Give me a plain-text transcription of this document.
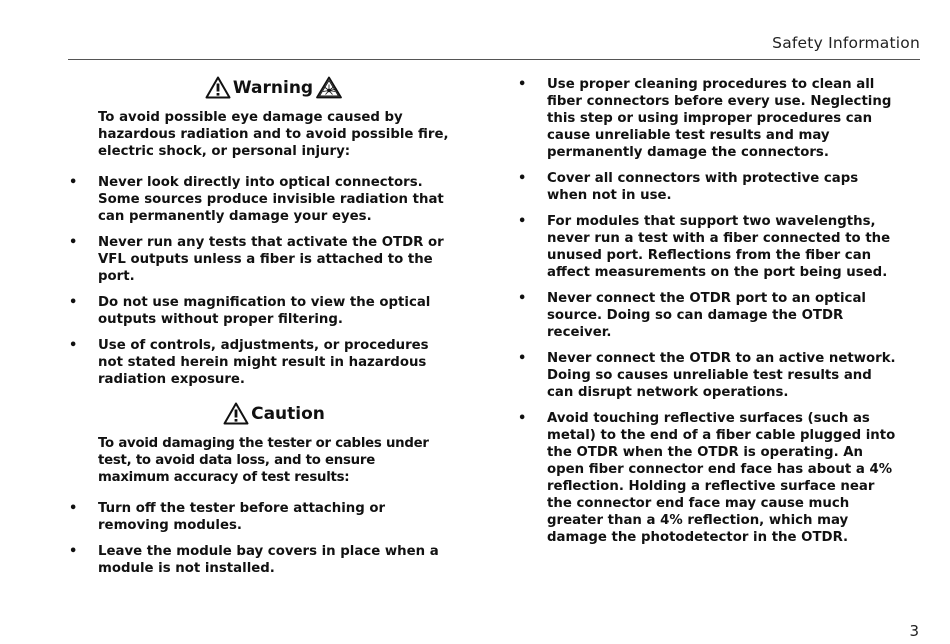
Safety Information
Warning
To avoid possible eye damage caused by hazardous radiation and to avoid possible fire, electric shock, or personal injury:
• Never look directly into optical connectors. Some sources produce invisible radiation that can permanently damage your eyes.
• Never run any tests that activate the OTDR or VFL outputs unless a fiber is attached to the port.
• Do not use magnification to view the optical outputs without proper filtering.
• Use of controls, adjustments, or procedures not stated herein might result in hazardous radiation exposure.
Caution
To avoid damaging the tester or cables under test, to avoid data loss, and to ensure maximum accuracy of test results:
• Turn off the tester before attaching or removing modules.
• Leave the module bay covers in place when a module is not installed.
• Use proper cleaning procedures to clean all fiber connectors before every use. Neglecting this step or using improper procedures can cause unreliable test results and may permanently damage the connectors.
• Cover all connectors with protective caps when not in use.
• For modules that support two wavelengths, never run a test with a fiber connected to the unused port. Reflections from the fiber can affect measurements on the port being used.
• Never connect the OTDR port to an optical source. Doing so can damage the OTDR receiver.
• Never connect the OTDR to an active network. Doing so causes unreliable test results and can disrupt network operations.
• Avoid touching reflective surfaces (such as metal) to the end of a fiber cable plugged into the OTDR when the OTDR is operating. An open fiber connector end face has about a 4% reflection. Holding a reflective surface near the connector end face may cause much greater than a 4% reflection, which may damage the photodetector in the OTDR.
3
